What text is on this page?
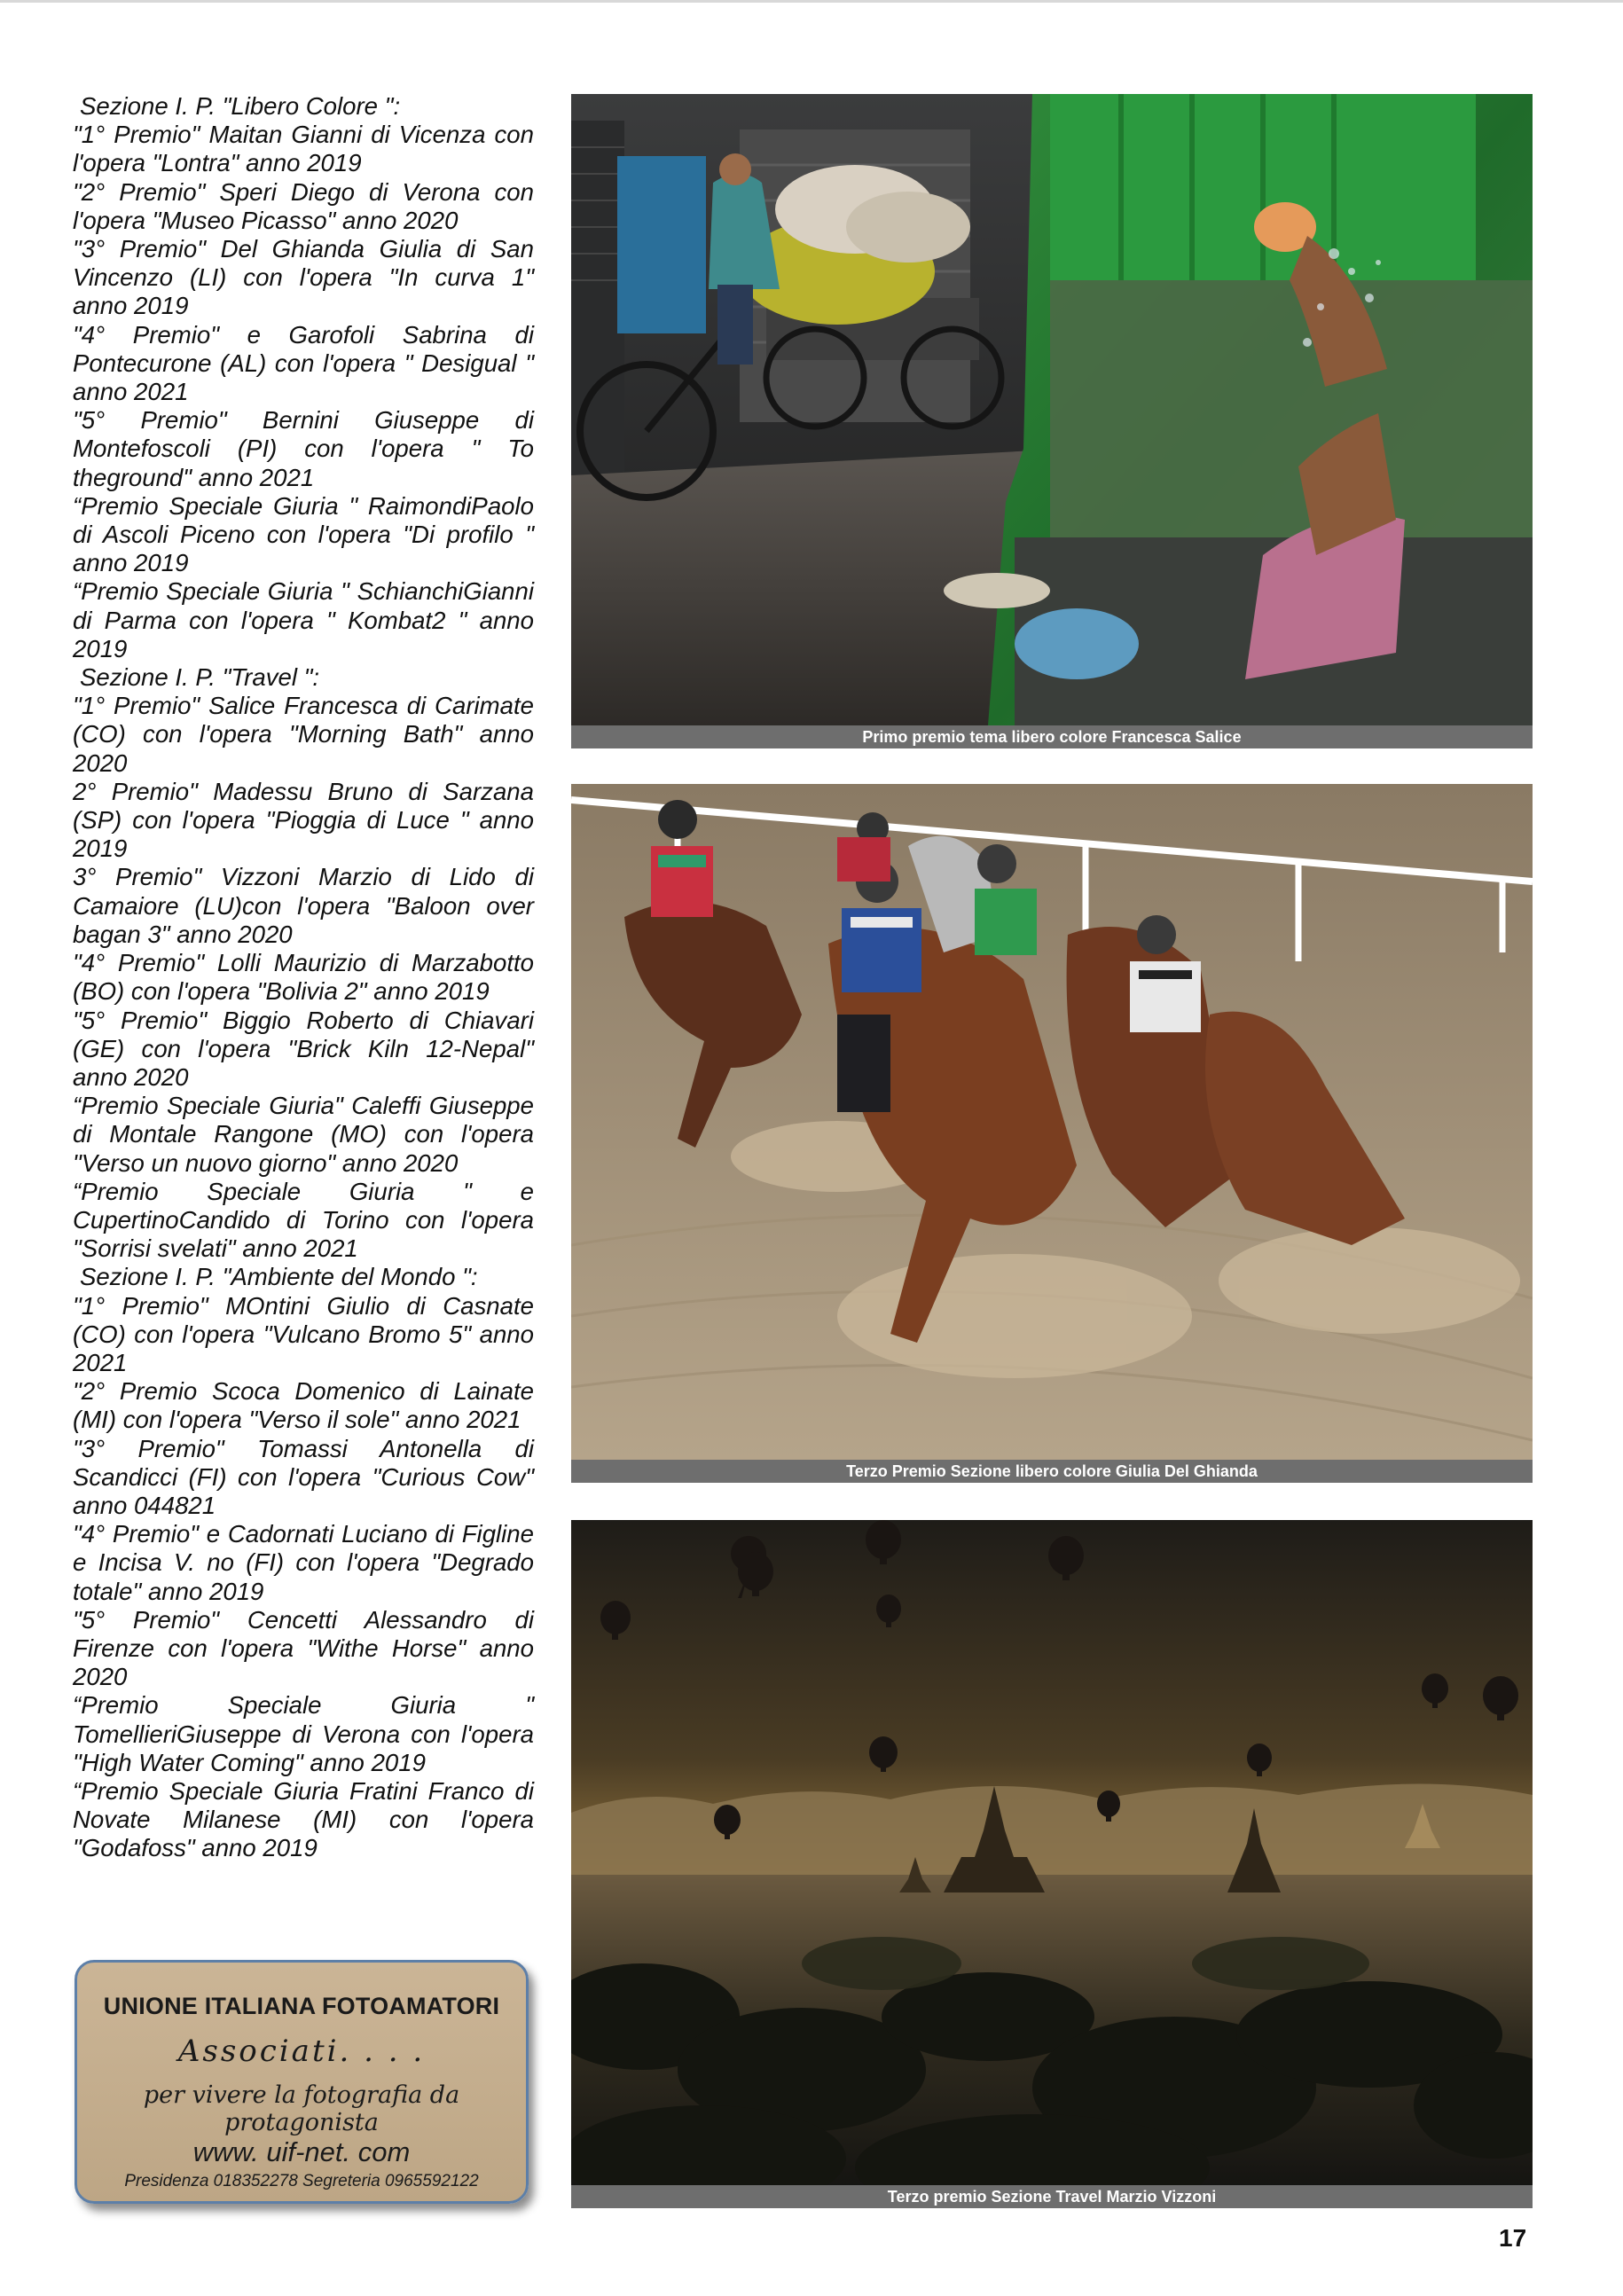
Sezione I. P. "Libero Colore ":

"1° Premio" Maitan Gianni di Vicenza con l'opera "Lontra" anno 2019

"2° Premio" Speri Diego di Verona con l'opera "Museo Picasso" anno 2020

"3° Premio" Del Ghianda Giulia di San Vincenzo (LI) con l'opera "In curva 1" anno 2019

"4° Premio" e Garofoli Sabrina di Pontecurone (AL) con l'opera " Desigual " anno 2021

"5° Premio" Bernini Giuseppe di Montefoscoli (PI) con l'opera " To theground" anno 2021

“Premio Speciale Giuria " RaimondiPaolo di Ascoli Piceno con l'opera "Di profilo " anno 2019

“Premio Speciale Giuria " SchianchiGianni di Parma con l'opera " Kombat2 " anno 2019

Sezione I. P. "Travel ":

"1° Premio" Salice Francesca di Carimate (CO) con l'opera "Morning Bath" anno 2020

2° Premio" Madessu Bruno di Sarzana (SP) con l'opera "Pioggia di Luce " anno 2019

3° Premio" Vizzoni Marzio di Lido di Camaiore (LU)con l'opera "Baloon over bagan 3" anno 2020

"4° Premio" Lolli Maurizio di Marzabotto (BO) con l'opera "Bolivia 2" anno 2019

"5° Premio" Biggio Roberto di Chiavari (GE) con l'opera "Brick Kiln 12-Nepal" anno 2020

“Premio Speciale Giuria" Caleffi Giuseppe di Montale Rangone (MO) con l'opera "Verso un nuovo giorno" anno 2020

“Premio Speciale Giuria " e CupertinoCandido di Torino con l'opera "Sorrisi svelati" anno 2021

Sezione I. P. "Ambiente del Mondo ":

"1° Premio" MOntini Giulio di Casnate (CO) con l'opera "Vulcano Bromo 5" anno 2021

"2° Premio Scoca Domenico di Lainate (MI) con l'opera "Verso il sole" anno 2021

"3° Premio" Tomassi Antonella di Scandicci (FI) con l'opera "Curious Cow" anno 044821

"4° Premio" e Cadornati Luciano di Figline e Incisa V. no (FI) con l'opera "Degrado totale" anno 2019

"5° Premio" Cencetti Alessandro di Firenze con l'opera "Withe Horse" anno 2020

“Premio Speciale Giuria " TomellieriGiuseppe di Verona con l'opera "High Water Coming" anno 2019

“Premio Speciale Giuria Fratini Franco di Novate Milanese (MI) con l'opera "Godafoss" anno 2019

UNIONE ITALIANA FOTOAMATORI
Associati. . . .
per vivere la fotografia da protagonista
www. uif-net. com
Presidenza 018352278 Segreteria 0965592122
Primo premio tema libero colore Francesca Salice
Terzo Premio Sezione libero colore Giulia Del Ghianda
Terzo premio Sezione Travel Marzio Vizzoni
17
